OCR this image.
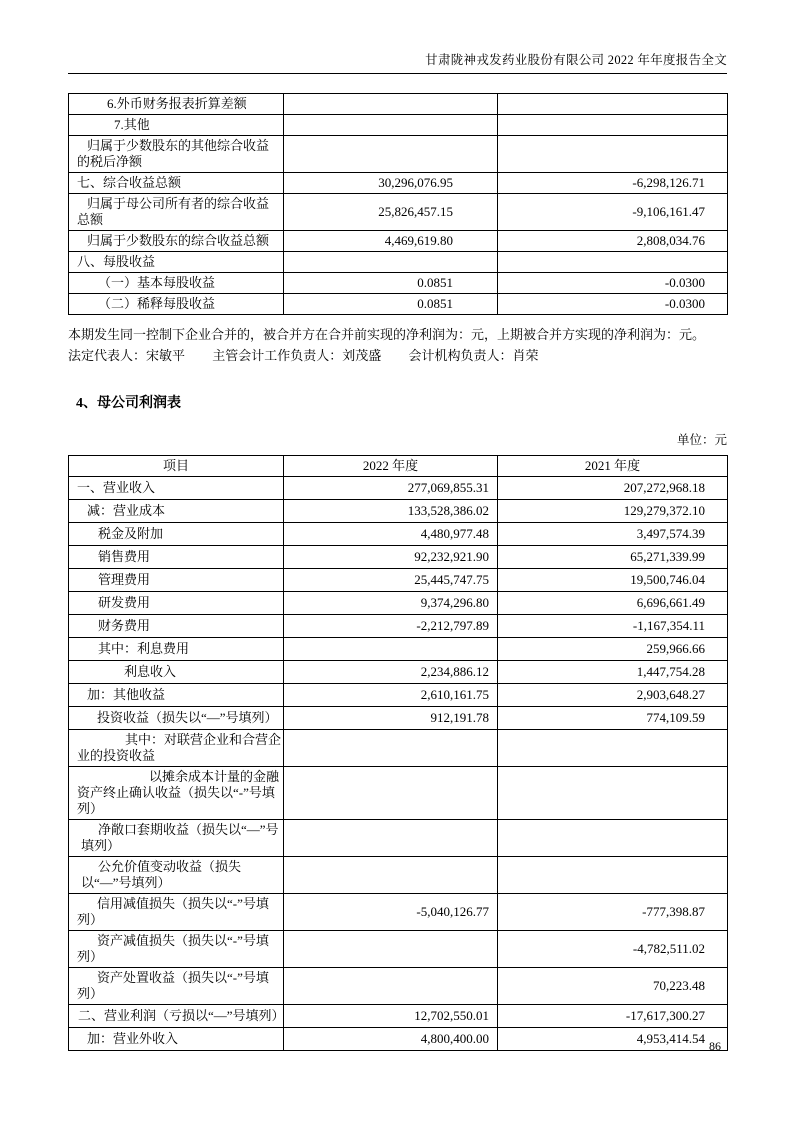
甘肃陇神戎发药业股份有限公司 2022 年年度报告全文
6.外币财务报表折算差额		
7.其他		
归属于少数股东的其他综合收益的税后净额		
七、综合收益总额	30,296,076.95	-6,298,126.71
归属于母公司所有者的综合收益总额	25,826,457.15	-9,106,161.47
归属于少数股东的综合收益总额	4,469,619.80	2,808,034.76
八、每股收益		
（一）基本每股收益	0.0851	-0.0300
（二）稀释每股收益	0.0851	-0.0300
本期发生同一控制下企业合并的，被合并方在合并前实现的净利润为：元，上期被合并方实现的净利润为：元。
法定代表人：宋敏平 主管会计工作负责人：刘茂盛 会计机构负责人：肖荣
4、母公司利润表
单位：元
项目	2022 年度	2021 年度
一、营业收入	277,069,855.31	207,272,968.18
减：营业成本	133,528,386.02	129,279,372.10
税金及附加	4,480,977.48	3,497,574.39
销售费用	92,232,921.90	65,271,339.99
管理费用	25,445,747.75	19,500,746.04
研发费用	9,374,296.80	6,696,661.49
财务费用	-2,212,797.89	-1,167,354.11
其中：利息费用		259,966.66
利息收入	2,234,886.12	1,447,754.28
加：其他收益	2,610,161.75	2,903,648.27
投资收益（损失以“—”号填列）	912,191.78	774,109.59
其中：对联营企业和合营企业的投资收益		
以摊余成本计量的金融资产终止确认收益（损失以“-”号填列）		
净敞口套期收益（损失以“—”号填列）		
公允价值变动收益（损失以“—”号填列）		
信用减值损失（损失以“-”号填列）	-5,040,126.77	-777,398.87
资产减值损失（损失以“-”号填列）		-4,782,511.02
资产处置收益（损失以“-”号填列）		70,223.48
二、营业利润（亏损以“—”号填列）	12,702,550.01	-17,617,300.27
加：营业外收入	4,800,400.00	4,953,414.54 86
